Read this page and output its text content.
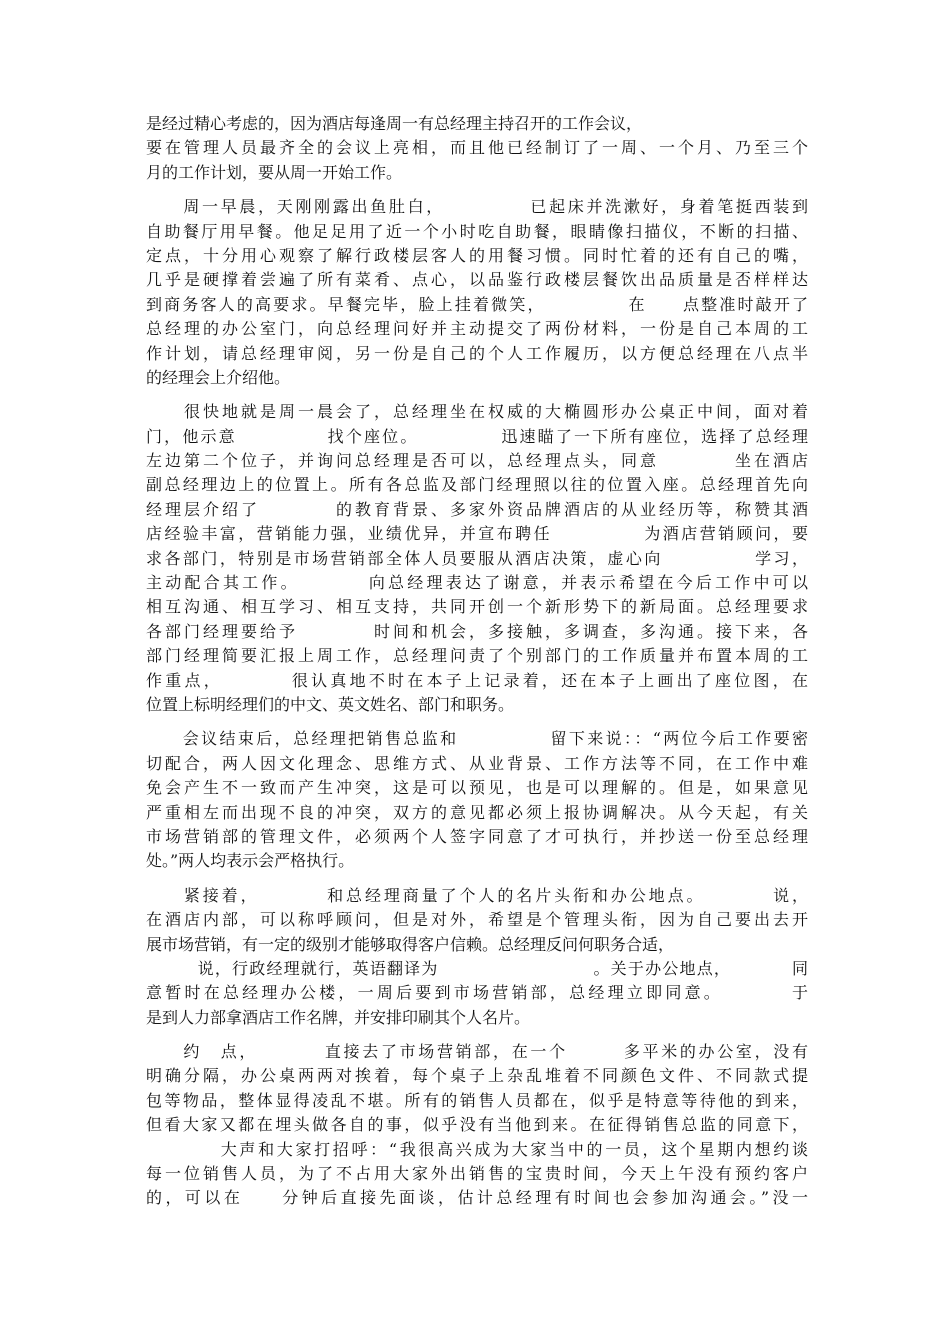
是经过精心考虑的，因为酒店每逢周一有总经理主持召开的工作会议，
要在管理人员最齐全的会议上亮相，而且他已经制订了一周、一个月、乃至三个
月的工作计划，要从周一开始工作。
　　周一早晨，天刚刚露出鱼肚白，　　　　　已起床并洗漱好，身着笔挺西装到
自助餐厅用早餐。他足足用了近一个小时吃自助餐，眼睛像扫描仪，不断的扫描、
定点，十分用心观察了解行政楼层客人的用餐习惯。同时忙着的还有自己的嘴，
几乎是硬撑着尝遍了所有菜肴、点心，以品鉴行政楼层餐饮出品质量是否样样达
到商务客人的高要求。早餐完毕，脸上挂着微笑，　　　　　在　　点整准时敲开了
总经理的办公室门，向总经理问好并主动提交了两份材料，一份是自己本周的工
作计划，请总经理审阅，另一份是自己的个人工作履历，以方便总经理在八点半
的经理会上介绍他。
　　很快地就是周一晨会了，总经理坐在权威的大椭圆形办公桌正中间，面对着
门，他示意　　　　　找个座位。　　　　　迅速瞄了一下所有座位，选择了总经理
左边第二个位子，并询问总经理是否可以，总经理点头，同意　　　　坐在酒店
副总经理边上的位置上。所有各总监及部门经理照以往的位置入座。总经理首先向
经理层介绍了　　　　的教育背景、多家外资品牌酒店的从业经历等，称赞其酒
店经验丰富，营销能力强，业绩优异，并宣布聘任　　　　　为酒店营销顾问，要
求各部门，特别是市场营销部全体人员要服从酒店决策，虚心向　　　　　学习，
主动配合其工作。　　　　向总经理表达了谢意，并表示希望在今后工作中可以
相互沟通、相互学习、相互支持，共同开创一个新形势下的新局面。总经理要求
各部门经理要给予　　　　时间和机会，多接触，多调查，多沟通。接下来，各
部门经理简要汇报上周工作，总经理问责了个别部门的工作质量并布置本周的工
作重点，　　　　很认真地不时在本子上记录着，还在本子上画出了座位图，在
位置上标明经理们的中文、英文姓名、部门和职务。
　　会议结束后，总经理把销售总监和　　　　　留下来说：：“两位今后工作要密
切配合，两人因文化理念、思维方式、从业背景、工作方法等不同，在工作中难
免会产生不一致而产生冲突，这是可以预见，也是可以理解的。但是，如果意见
严重相左而出现不良的冲突，双方的意见都必须上报协调解决。从今天起，有关
市场营销部的管理文件，必须两个人签字同意了才可执行，并抄送一份至总经理
处。”两人均表示会严格执行。
　　紧接着，　　　　和总经理商量了个人的名片头衔和办公地点。　　　　说，
在酒店内部，可以称呼顾问，但是对外，希望是个管理头衔，因为自己要出去开
展市场营销，有一定的级别才能够取得客户信赖。总经理反问何职务合适，
　　　说，行政经理就行，英语翻译为　　　　　　　　　。关于办公地点，　　　　同
意暂时在总经理办公楼，一周后要到市场营销部，总经理立即同意。　　　　于
是到人力部拿酒店工作名牌，并安排印刷其个人名片。
　　约　点，　　　　直接去了市场营销部，在一个　　　多平米的办公室，没有
明确分隔，办公桌两两对挨着，每个桌子上杂乱堆着不同颜色文件、不同款式提
包等物品，整体显得凌乱不堪。所有的销售人员都在，似乎是特意等待他的到来，
但看大家又都在埋头做各自的事，似乎没有当他到来。在征得销售总监的同意下，
　　　　大声和大家打招呼：“我很高兴成为大家当中的一员，这个星期内想约谈
每一位销售人员，为了不占用大家外出销售的宝贵时间，今天上午没有预约客户
的，可以在　　分钟后直接先面谈，估计总经理有时间也会参加沟通会。”没一
